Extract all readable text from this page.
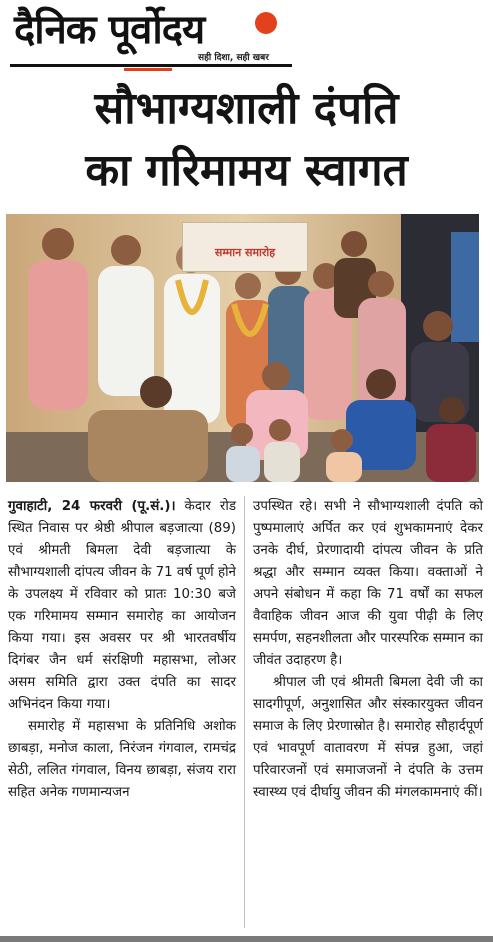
दैनिक पूर्वोदय
सही दिशा, सही खबर
सौभाग्यशाली दंपति
का गरिमामय स्वागत
सम्मान समारोह

गुवाहाटी, 24 फरवरी (पू.सं.)। केदार रोड स्थित निवास पर श्रेष्ठी श्रीपाल बड़जात्या (89) एवं श्रीमती बिमला देवी बड़जात्या के सौभाग्यशाली दांपत्य जीवन के 71 वर्ष पूर्ण होने के उपलक्ष्य में रविवार को प्रातः 10:30 बजे एक गरिमामय सम्मान समारोह का आयोजन किया गया। इस अवसर पर श्री भारतवर्षीय दिगंबर जैन धर्म संरक्षिणी महासभा, लोअर असम समिति द्वारा उक्त दंपति का सादर अभिनंदन किया गया।

समारोह में महासभा के प्रतिनिधि अशोक छाबड़ा, मनोज काला, निरंजन गंगवाल, रामचंद्र सेठी, ललित गंगवाल, विनय छाबड़ा, संजय रारा सहित अनेक गणमान्यजन

उपस्थित रहे। सभी ने सौभाग्यशाली दंपति को पुष्पमालाएं अर्पित कर एवं शुभकामनाएं देकर उनके दीर्घ, प्रेरणादायी दांपत्य जीवन के प्रति श्रद्धा और सम्मान व्यक्त किया। वक्ताओं ने अपने संबोधन में कहा कि 71 वर्षों का सफल वैवाहिक जीवन आज की युवा पीढ़ी के लिए समर्पण, सहनशीलता और पारस्परिक सम्मान का जीवंत उदाहरण है।

श्रीपाल जी एवं श्रीमती बिमला देवी जी का सादगीपूर्ण, अनुशासित और संस्कारयुक्त जीवन समाज के लिए प्रेरणास्रोत है। समारोह सौहार्दपूर्ण एवं भावपूर्ण वातावरण में संपन्न हुआ, जहां परिवारजनों एवं समाजजनों ने दंपति के उत्तम स्वास्थ्य एवं दीर्घायु जीवन की मंगलकामनाएं कीं।
